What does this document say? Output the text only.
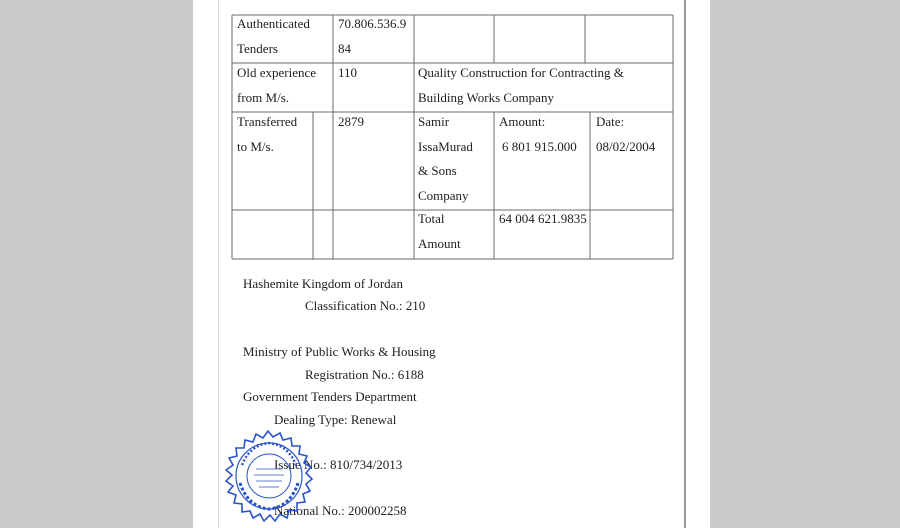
Authenticated
Tenders
70.806.536.9
84
Old experience
from M/s.
110	Quality Construction for Contracting &
Building Works Company
Transferred
to M/s.
2879	Samir
IssaMurad
& Sons
Company
Amount:
6 801 915.000
Date:
08/02/2004
Total
Amount
64 004 621.9835
Hashemite Kingdom of Jordan
Classification No.: 210
Ministry of Public Works & Housing
Registration No.: 6188
Government Tenders Department
Dealing Type: Renewal
Issue No.: 810/734/2013
National No.: 200002258
